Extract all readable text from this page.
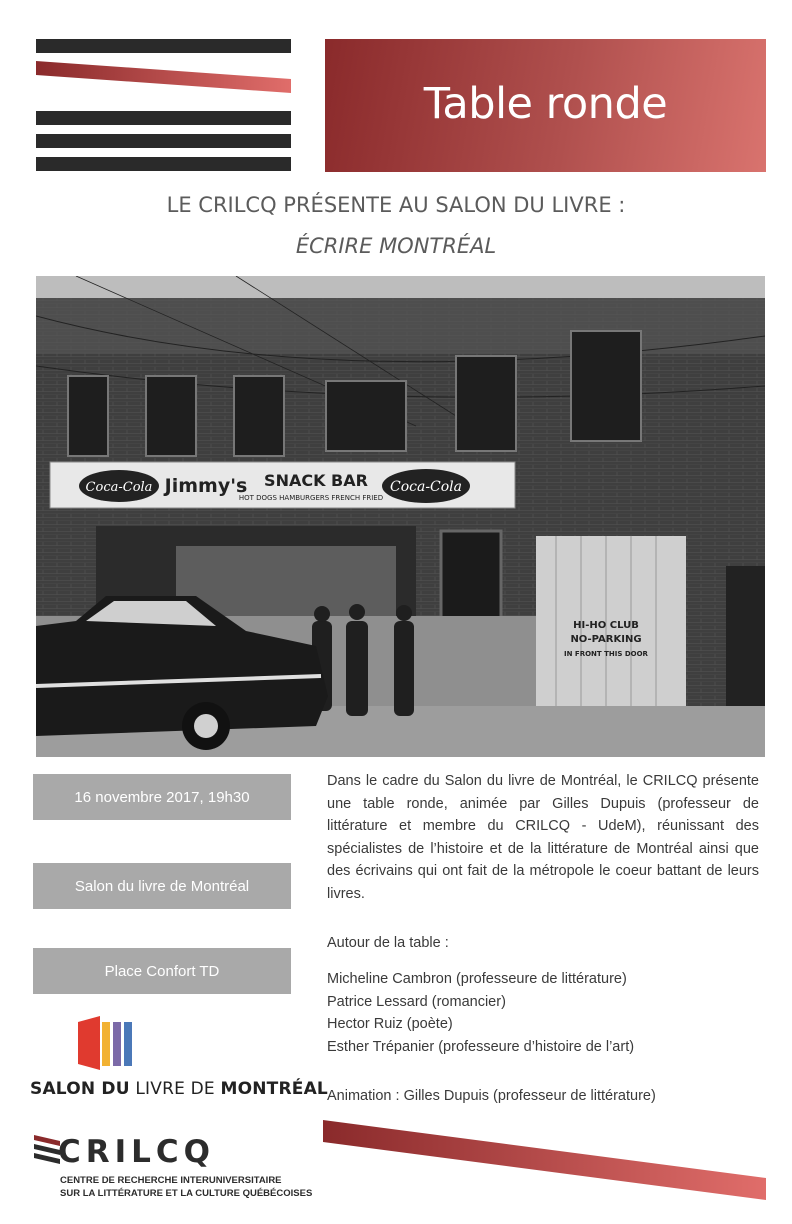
Table ronde
LE CRILCQ PRÉSENTE AU SALON DU LIVRE :
ÉCRIRE MONTRÉAL
Coca-Cola	Coca-Cola
Jimmy's SNACK BAR
HOT DOGS HAMBURGERS FRENCH FRIED
HI-HO CLUB
NO-PARKING
IN FRONT THIS DOOR
16 novembre 2017, 19h30
Salon du livre de Montréal
Place Confort TD

Dans le cadre du Salon du livre de Montréal, le CRILCQ présente une table ronde, animée par Gilles Dupuis (professeur de littérature et membre du CRILCQ - UdeM), réunissant des spécialistes de l’histoire et de la littérature de Montréal ainsi que des écrivains qui ont fait de la métropole le coeur battant de leurs livres.

Autour de la table :

Micheline Cambron (professeure de littérature)

Patrice Lessard (romancier)

Hector Ruiz (poète)

Esther Trépanier (professeure d’histoire de l’art)

Animation : Gilles Dupuis (professeur de littérature)

SALON DU LIVRE DE MONTRÉAL
CRILCQ
CENTRE DE RECHERCHE INTERUNIVERSITAIRE
SUR LA LITTÉRATURE ET LA CULTURE QUÉBÉCOISES
